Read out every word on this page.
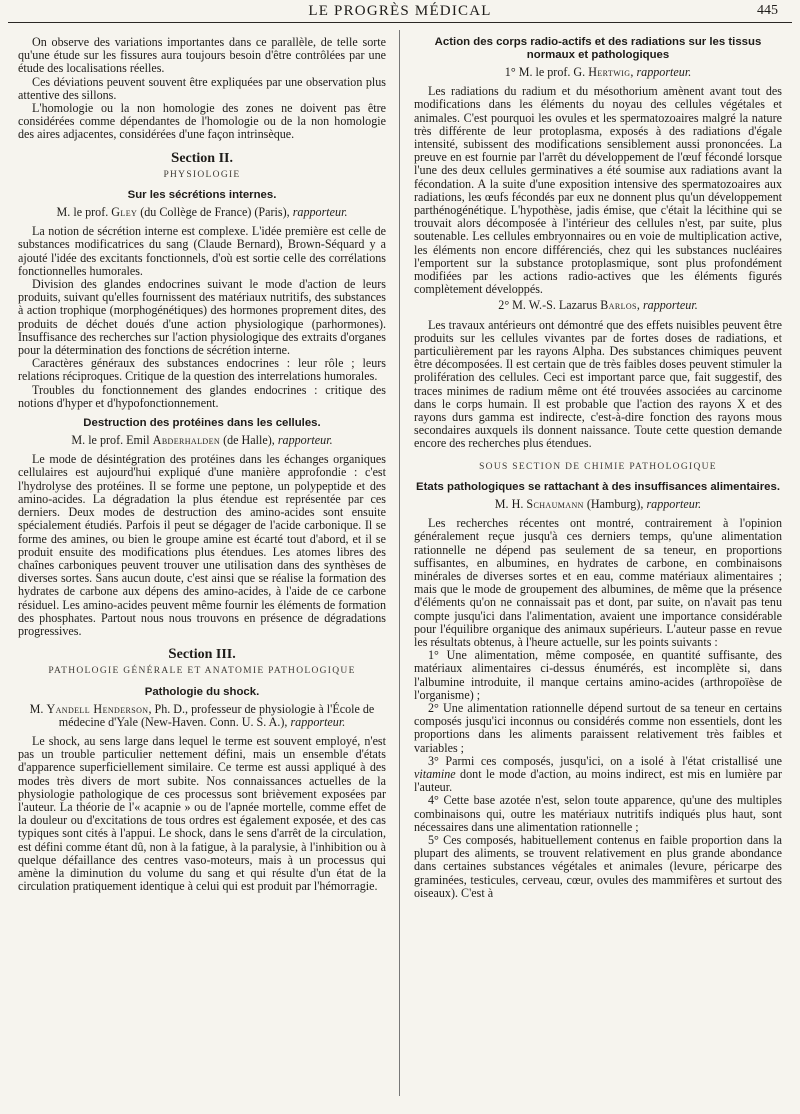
LE PROGRÈS MÉDICAL	445

On observe des variations importantes dans ce parallèle, de telle sorte qu'une étude sur les fissures aura toujours besoin d'être contrôlées par une étude des localisations réelles.

Ces déviations peuvent souvent être expliquées par une observation plus attentive des sillons.

L'homologie ou la non homologie des zones ne doivent pas être considérées comme dépendantes de l'homologie ou de la non homologie des aires adjacentes, considérées d'une façon intrinsèque.

Section II.
PHYSIOLOGIE
Sur les sécrétions internes.

M. le prof. Gley (du Collège de France) (Paris), rapporteur.

La notion de sécrétion interne est complexe. L'idée première est celle de substances modificatrices du sang (Claude Bernard), Brown-Séquard y a ajouté l'idée des excitants fonctionnels, d'où est sortie celle des corrélations fonctionnelles humorales.

Division des glandes endocrines suivant le mode d'action de leurs produits, suivant qu'elles fournissent des matériaux nutritifs, des substances à action trophique (morphogénétiques) des hormones proprement dites, des produits de déchet doués d'une action physiologique (parhormones). Insuffisance des recherches sur l'action physiologique des extraits d'organes pour la détermination des fonctions de sécrétion interne.

Caractères généraux des substances endocrines : leur rôle ; leurs relations réciproques. Critique de la question des interrelations humorales.

Troubles du fonctionnement des glandes endocrines : critique des notions d'hyper et d'hypofonctionnement.

Destruction des protéines dans les cellules.

M. le prof. Emil Abderhalden (de Halle), rapporteur.

Le mode de désintégration des protéines dans les échanges organiques cellulaires est aujourd'hui expliqué d'une manière approfondie : c'est l'hydrolyse des protéines. Il se forme une peptone, un polypeptide et des amino-acides. La dégradation la plus étendue est représentée par ces derniers. Deux modes de destruction des amino-acides sont ensuite spécialement étudiés. Parfois il peut se dégager de l'acide carbonique. Il se forme des amines, ou bien le groupe amine est écarté tout d'abord, et il se produit ensuite des modifications plus étendues. Les atomes libres des chaînes carboniques peuvent trouver une utilisation dans des synthèses de diverses sortes. Sans aucun doute, c'est ainsi que se réalise la formation des hydrates de carbone aux dépens des amino-acides, à l'aide de ce carbone résiduel. Les amino-acides peuvent même fournir les éléments de formation des phosphates. Partout nous nous trouvons en présence de dégradations progressives.

Section III.
PATHOLOGIE GÉNÉRALE ET ANATOMIE PATHOLOGIQUE
Pathologie du shock.

M. Yandell Henderson, Ph. D., professeur de physiologie à l'École de médecine d'Yale (New-Haven. Conn. U. S. A.), rapporteur.

Le shock, au sens large dans lequel le terme est souvent employé, n'est pas un trouble particulier nettement défini, mais un ensemble d'états d'apparence superficiellement similaire. Ce terme est aussi appliqué à des modes très divers de mort subite. Nos connaissances actuelles de la physiologie pathologique de ces processus sont brièvement exposées par l'auteur. La théorie de l'« acapnie » ou de l'apnée mortelle, comme effet de la douleur ou d'excitations de tous ordres est également exposée, et des cas typiques sont cités à l'appui. Le shock, dans le sens d'arrêt de la circulation, est défini comme étant dû, non à la fatigue, à la paralysie, à l'inhibition ou à quelque défaillance des centres vaso-moteurs, mais à un processus qui amène la diminution du volume du sang et qui résulte d'un état de la circulation pratiquement identique à celui qui est produit par l'hémorragie.

Action des corps radio-actifs et des radiations sur les tissus normaux et pathologiques

1° M. le prof. G. Hertwig, rapporteur.

Les radiations du radium et du mésothorium amènent avant tout des modifications dans les éléments du noyau des cellules végétales et animales. C'est pourquoi les ovules et les spermatozoaires malgré la nature très différente de leur protoplasma, exposés à des radiations d'égale intensité, subissent des modifications sensiblement aussi prononcées. La preuve en est fournie par l'arrêt du développement de l'œuf fécondé lorsque l'une des deux cellules germinatives a été soumise aux radiations avant la fécondation. A la suite d'une exposition intensive des spermatozoaires aux radiations, les œufs fécondés par eux ne donnent plus qu'un développement parthénogénétique. L'hypothèse, jadis émise, que c'était la lécithine qui se trouvait alors décomposée à l'intérieur des cellules n'est, par suite, plus soutenable. Les cellules embryonnaires ou en voie de multiplication active, les éléments non encore différenciés, chez qui les substances nucléaires l'emportent sur la substance protoplasmique, sont plus profondément modifiées par les actions radio-actives que les éléments figurés complètement développés.

2° M. W.-S. Lazarus Barlos, rapporteur.

Les travaux antérieurs ont démontré que des effets nuisibles peuvent être produits sur les cellules vivantes par de fortes doses de radiations, et particulièrement par les rayons Alpha. Des substances chimiques peuvent être décomposées. Il est certain que de très faibles doses peuvent stimuler la prolifération des cellules. Ceci est important parce que, fait suggestif, des traces minimes de radium même ont été trouvées associées au carcinome dans le corps humain. Il est probable que l'action des rayons X et des rayons durs gamma est indirecte, c'est-à-dire fonction des rayons mous secondaires auxquels ils donnent naissance. Toute cette question demande encore des recherches plus étendues.

SOUS SECTION DE CHIMIE PATHOLOGIQUE
Etats pathologiques se rattachant à des insuffisances alimentaires.

M. H. Schaumann (Hamburg), rapporteur.

Les recherches récentes ont montré, contrairement à l'opinion généralement reçue jusqu'à ces derniers temps, qu'une alimentation rationnelle ne dépend pas seulement de sa teneur, en proportions suffisantes, en albumines, en hydrates de carbone, en combinaisons minérales de diverses sortes et en eau, comme matériaux alimentaires ; mais que le mode de groupement des albumines, de même que la présence d'éléments qu'on ne connaissait pas et dont, par suite, on n'avait pas tenu compte jusqu'ici dans l'alimentation, avaient une importance considérable pour l'équilibre organique des animaux supérieurs. L'auteur passe en revue les résultats obtenus, à l'heure actuelle, sur les points suivants :

1° Une alimentation, même composée, en quantité suffisante, des matériaux alimentaires ci-dessus énumérés, est incomplète si, dans l'albumine introduite, il manque certains amino-acides (arthropoïèse de l'organisme) ;

2° Une alimentation rationnelle dépend surtout de sa teneur en certains composés jusqu'ici inconnus ou considérés comme non essentiels, dont les proportions dans les aliments paraissent relativement très faibles et variables ;

3° Parmi ces composés, jusqu'ici, on a isolé à l'état cristallisé une vitamine dont le mode d'action, au moins indirect, est mis en lumière par l'auteur.

4° Cette base azotée n'est, selon toute apparence, qu'une des multiples combinaisons qui, outre les matériaux nutritifs indiqués plus haut, sont nécessaires dans une alimentation rationnelle ;

5° Ces composés, habituellement contenus en faible proportion dans la plupart des aliments, se trouvent relativement en plus grande abondance dans certaines substances végétales et animales (levure, péricarpe des graminées, testicules, cerveau, cœur, ovules des mammifères et surtout des oiseaux). C'est à
